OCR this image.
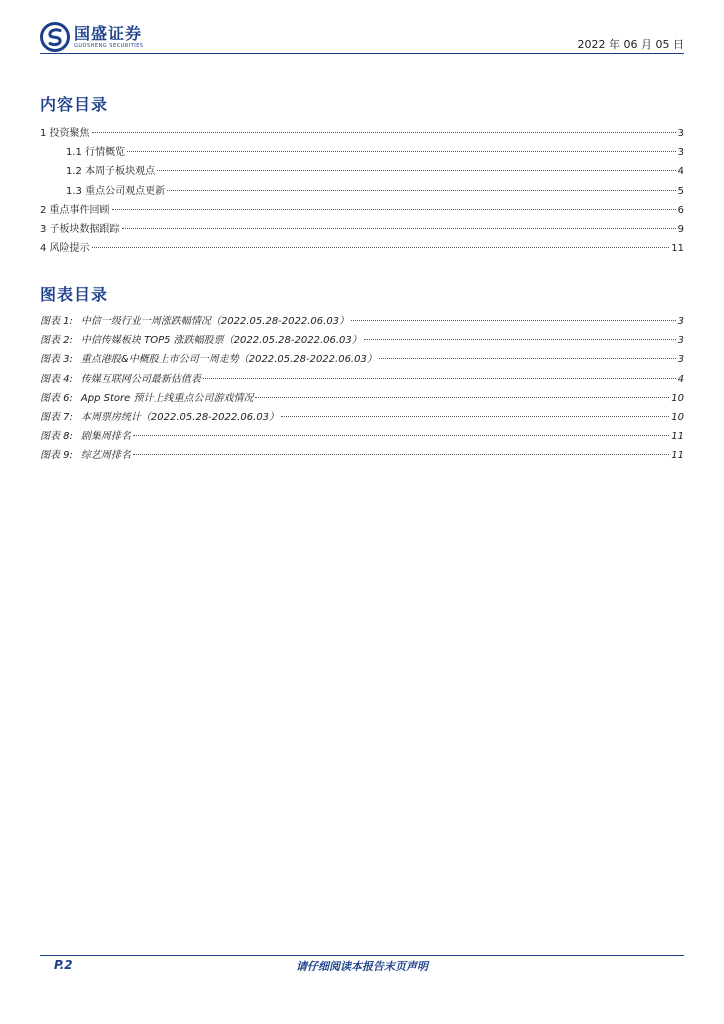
国盛证券
GUOSHENG SECURITIES	2022 年 06 月 05 日
内容目录
1 投资聚焦	3
1.1 行情概览	3
1.2 本周子板块观点	4
1.3 重点公司观点更新	5
2 重点事件回顾	6
3 子板块数据跟踪	9
4 风险提示	11
图表目录
图表 1: 中信一级行业一周涨跌幅情况（2022.05.28-2022.06.03）	3
图表 2: 中信传媒板块 TOP5 涨跌幅股票（2022.05.28-2022.06.03）	3
图表 3: 重点港股&中概股上市公司一周走势（2022.05.28-2022.06.03）	3
图表 4: 传媒互联网公司最新估值表	4
图表 6: App Store 预计上线重点公司游戏情况	10
图表 7: 本周票房统计（2022.05.28-2022.06.03）	10
图表 8: 剧集周排名	11
图表 9: 综艺周排名	11
P.2	请仔细阅读本报告末页声明
